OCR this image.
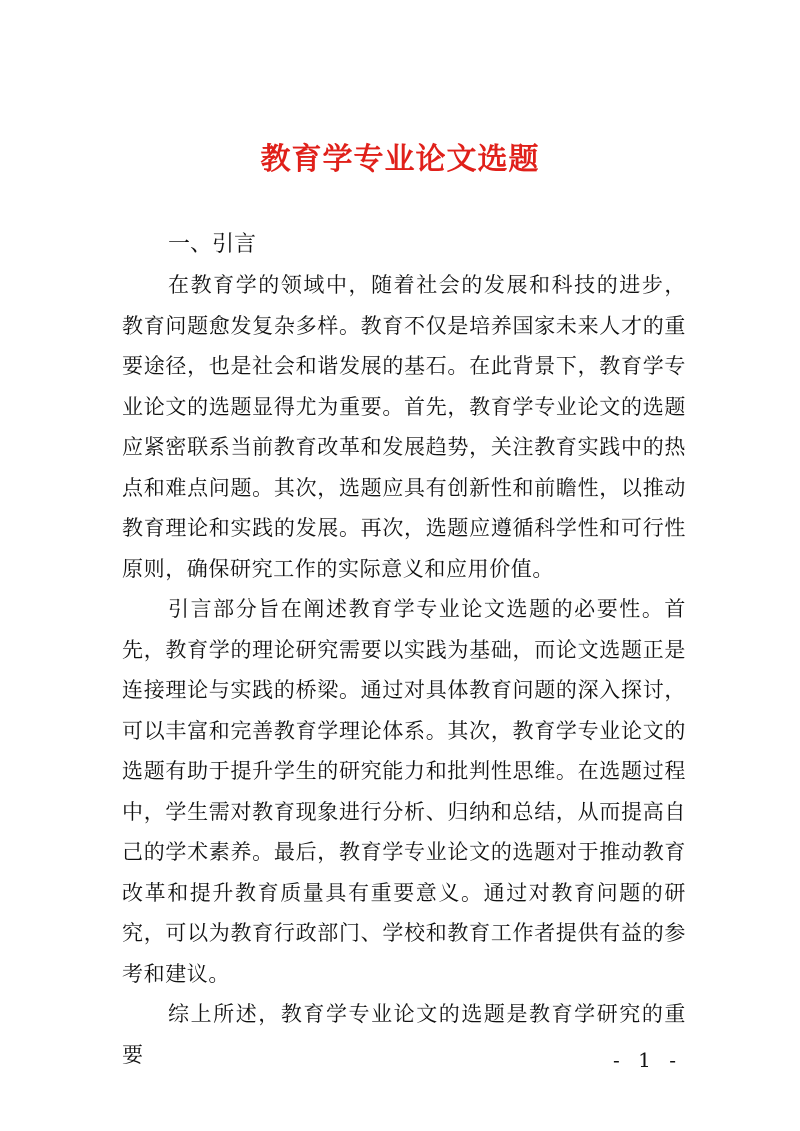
教育学专业论文选题
一、引言

在教育学的领域中，随着社会的发展和科技的进步，教育问题愈发复杂多样。教育不仅是培养国家未来人才的重要途径，也是社会和谐发展的基石。在此背景下，教育学专业论文的选题显得尤为重要。首先，教育学专业论文的选题应紧密联系当前教育改革和发展趋势，关注教育实践中的热点和难点问题。其次，选题应具有创新性和前瞻性，以推动教育理论和实践的发展。再次，选题应遵循科学性和可行性原则，确保研究工作的实际意义和应用价值。

引言部分旨在阐述教育学专业论文选题的必要性。首先，教育学的理论研究需要以实践为基础，而论文选题正是连接理论与实践的桥梁。通过对具体教育问题的深入探讨，可以丰富和完善教育学理论体系。其次，教育学专业论文的选题有助于提升学生的研究能力和批判性思维。在选题过程中，学生需对教育现象进行分析、归纳和总结，从而提高自己的学术素养。最后，教育学专业论文的选题对于推动教育改革和提升教育质量具有重要意义。通过对教育问题的研究，可以为教育行政部门、学校和教育工作者提供有益的参考和建议。

综上所述，教育学专业论文的选题是教育学研究的重要	- 1 -
